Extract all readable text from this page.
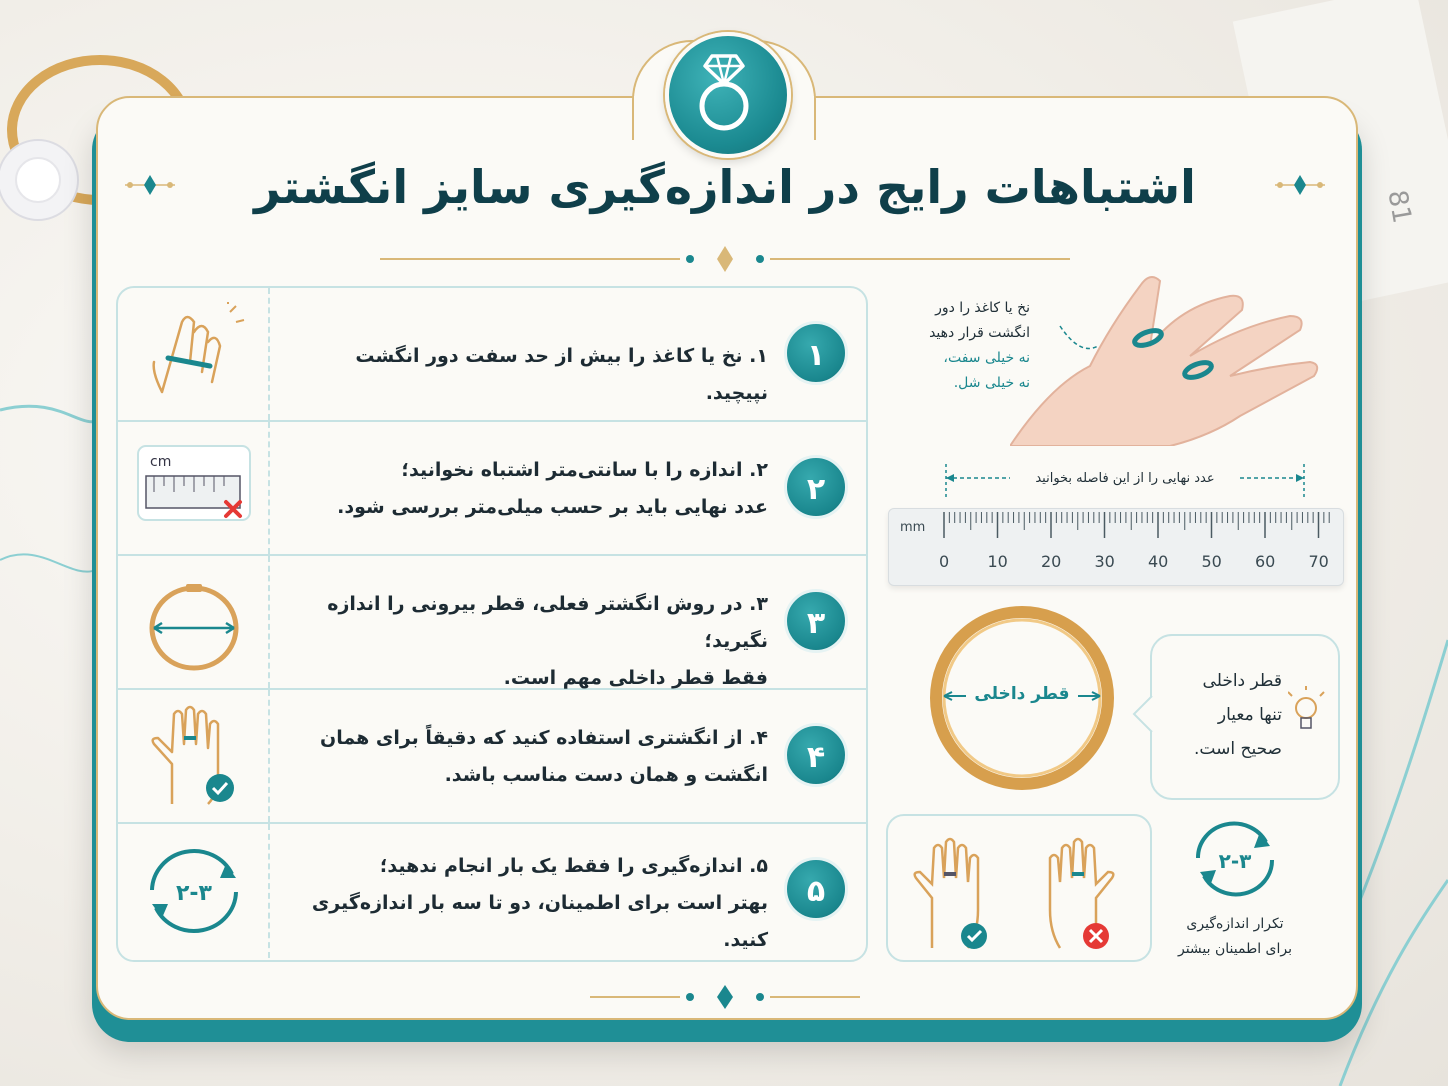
81
اشتباهات رایج در اندازه‌گیری سایز انگشتر
۱
۱. نخ یا کاغذ را بیش از حد سفت دور انگشت نپیچید.
cm
۲
۲. اندازه را با سانتی‌متر اشتباه نخوانید؛
عدد نهایی باید بر حسب میلی‌متر بررسی شود.
۳
۳. در روش انگشتر فعلی، قطر بیرونی را اندازه نگیرید؛
فقط قطر داخلی مهم است.
۴
۴. از انگشتری استفاده کنید که دقیقاً برای همان
انگشت و همان دست مناسب باشد.
۲-۳	۵
۵. اندازه‌گیری را فقط یک بار انجام ندهید؛
بهتر است برای اطمینان، دو تا سه بار اندازه‌گیری کنید.
نخ یا کاغذ را دور
انگشت قرار دهید
نه خیلی سفت،
نه خیلی شل.
عدد نهایی را از این فاصله بخوانید
mm
0 10 20 30 40 50 60 70
قطر داخلی
قطر داخلی
تنها معیار
صحیح است.
۲-۳
تکرار اندازه‌گیری
برای اطمینان بیشتر
